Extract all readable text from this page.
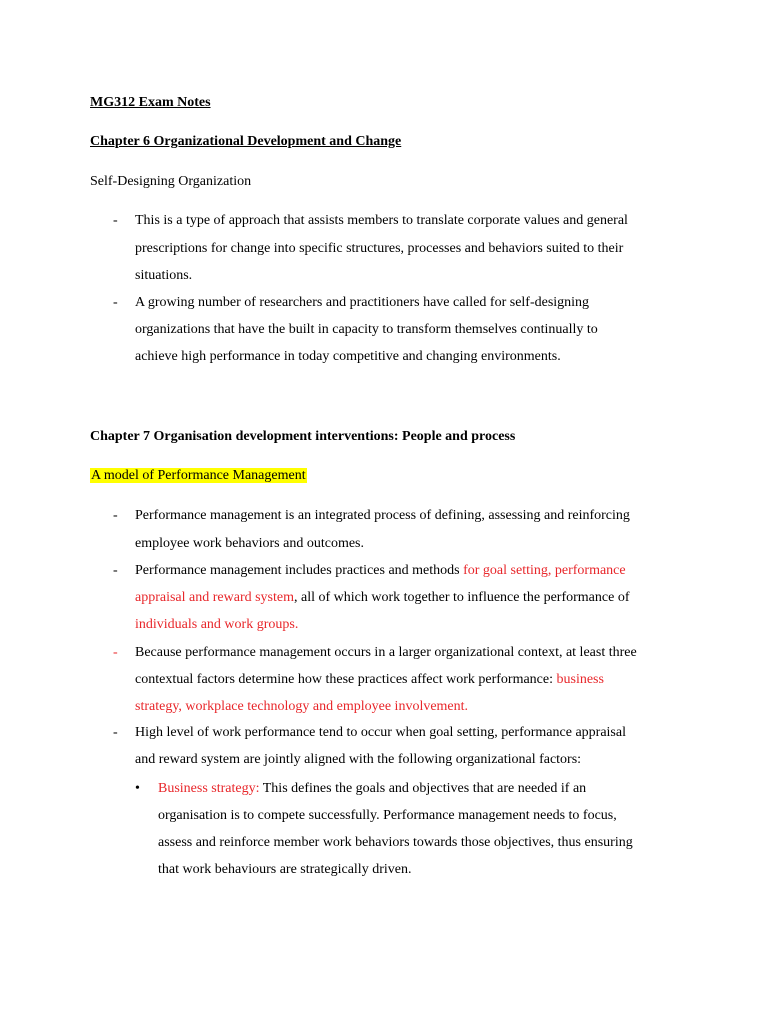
MG312 Exam Notes
Chapter 6 Organizational Development and Change
Self-Designing Organization
- This is a type of approach that assists members to translate corporate values and general
prescriptions for change into specific structures, processes and behaviors suited to their
situations.
- A growing number of researchers and practitioners have called for self-designing
organizations that have the built in capacity to transform themselves continually to
achieve high performance in today competitive and changing environments.
Chapter 7 Organisation development interventions: People and process
A model of Performance Management
- Performance management is an integrated process of defining, assessing and reinforcing
employee work behaviors and outcomes.
- Performance management includes practices and methods for goal setting, performance
appraisal and reward system, all of which work together to influence the performance of
individuals and work groups.
- Because performance management occurs in a larger organizational context, at least three
contextual factors determine how these practices affect work performance: business
strategy, workplace technology and employee involvement.
- High level of work performance tend to occur when goal setting, performance appraisal
and reward system are jointly aligned with the following organizational factors:
• Business strategy: This defines the goals and objectives that are needed if an
organisation is to compete successfully. Performance management needs to focus,
assess and reinforce member work behaviors towards those objectives, thus ensuring
that work behaviours are strategically driven.
